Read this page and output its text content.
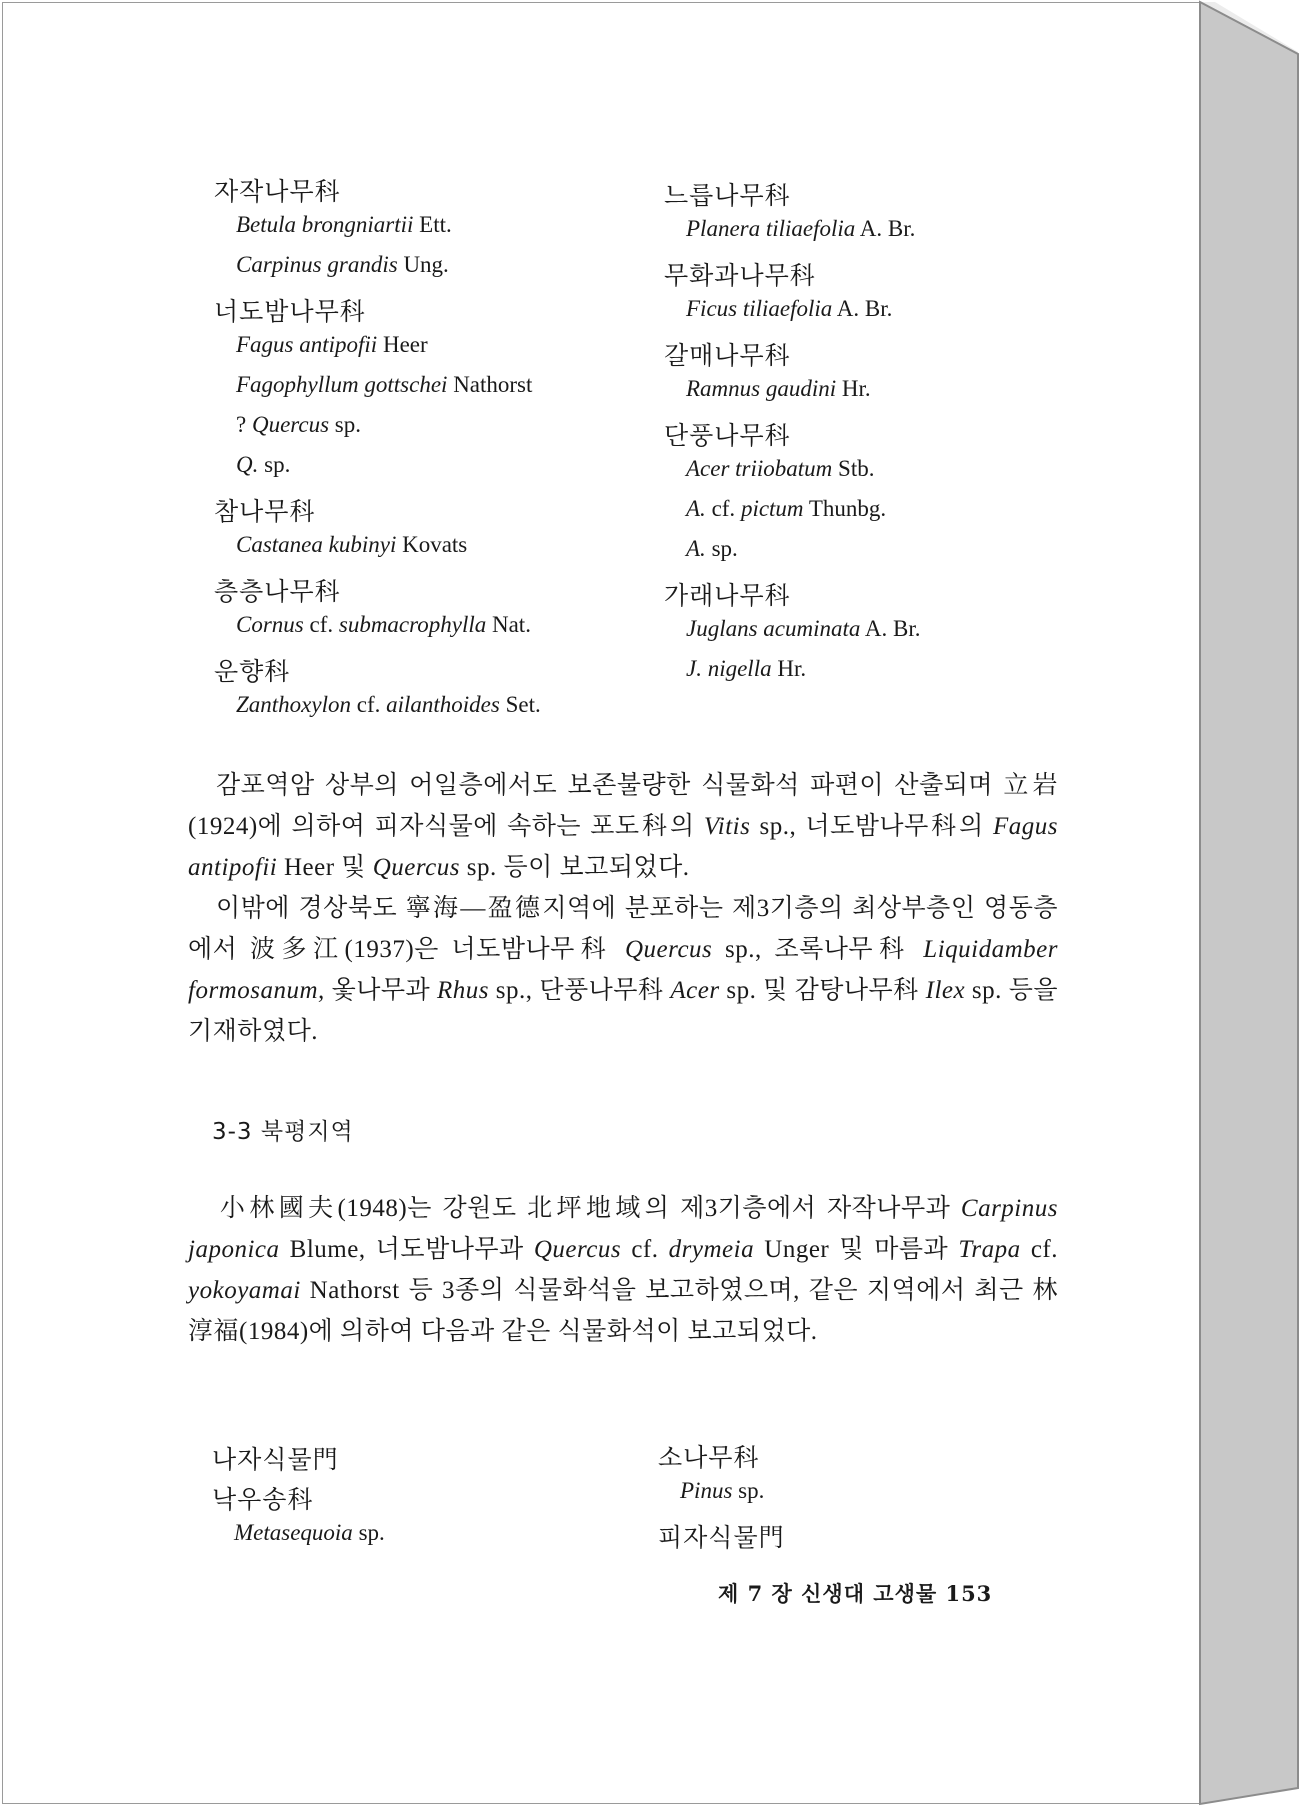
자작나무科
Betula brongniartii Ett.
Carpinus grandis Ung.
너도밤나무科
Fagus antipofii Heer
Fagophyllum gottschei Nathorst
? Quercus sp.
Q. sp.
참나무科
Castanea kubinyi Kovats
층층나무科
Cornus cf. submacrophylla Nat.
운향科
Zanthoxylon cf. ailanthoides Set.
느릅나무科
Planera tiliaefolia A. Br.
무화과나무科
Ficus tiliaefolia A. Br.
갈매나무科
Ramnus gaudini Hr.
단풍나무科
Acer triiobatum Stb.
A. cf. pictum Thunbg.
A. sp.
가래나무科
Juglans acuminata A. Br.
J. nigella Hr.
감포역암 상부의 어일층에서도 보존불량한 식물화석 파편이 산출되며 立岩(1924)에 의하여 피자식물에 속하는 포도科의 Vitis sp., 너도밤나무科의 Fagus antipofii Heer 및 Quercus sp. 등이 보고되었다.
이밖에 경상북도 寧海—盈德지역에 분포하는 제3기층의 최상부층인 영동층에서 波多江(1937)은 너도밤나무科 Quercus sp., 조록나무科 Liquidamber formosanum, 옻나무과 Rhus sp., 단풍나무科 Acer sp. 및 감탕나무科 Ilex sp. 등을 기재하였다.
3-3 북평지역
小林國夫(1948)는 강원도 北坪地域의 제3기층에서 자작나무과 Carpinus japonica Blume, 너도밤나무과 Quercus cf. drymeia Unger 및 마름과 Trapa cf. yokoyamai Nathorst 등 3종의 식물화석을 보고하였으며, 같은 지역에서 최근 林淳福(1984)에 의하여 다음과 같은 식물화석이 보고되었다.
나자식물門
낙우송科
Metasequoia sp.
소나무科
Pinus sp.
피자식물門
제 7 장 신생대 고생물 153
